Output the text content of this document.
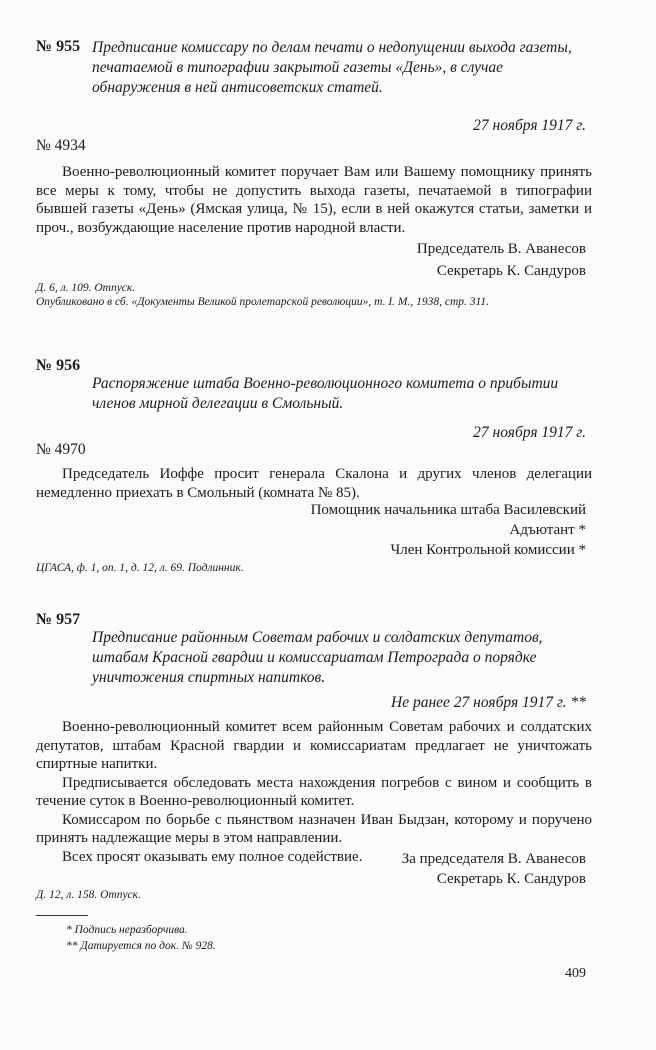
№ 955 Предписание комиссару по делам печати о недопущении выхода газеты, печатаемой в типографии закрытой газеты «День», в случае обнаружения в ней антисоветских статей.
27 ноября 1917 г.
№ 4934

Военно-революционный комитет поручает Вам или Вашему помощнику принять все меры к тому, чтобы не допустить выхода газеты, печатаемой в типографии бывшей газеты «День» (Ямская улица, № 15), если в ней окажутся статьи, заметки и проч., возбуждающие население против народной власти.

Председатель В. Аванесов
Секретарь К. Сандуров
Д. 6, л. 109. Отпуск.
Опубликовано в сб. «Документы Великой пролетарской революции», т. I. М., 1938, стр. 311.
№ 956
Распоряжение штаба Военно-революционного комитета о прибытии членов мирной делегации в Смольный.
27 ноября 1917 г.
№ 4970

Председатель Иоффе просит генерала Скалона и других членов делегации немедленно приехать в Смольный (комната № 85).

Помощник начальника штаба Василевский
Адъютант *
Член Контрольной комиссии *
ЦГАСА, ф. 1, оп. 1, д. 12, л. 69. Подлинник.
№ 957
Предписание районным Советам рабочих и солдатских депутатов, штабам Красной гвардии и комиссариатам Петрограда о порядке уничтожения спиртных напитков.
Не ранее 27 ноября 1917 г. **

Военно-революционный комитет всем районным Советам рабочих и солдатских депутатов, штабам Красной гвардии и комиссариатам предлагает не уничтожать спиртные напитки.

Предписывается обследовать места нахождения погребов с вином и сообщить в течение суток в Военно-революционный комитет.

Комиссаром по борьбе с пьянством назначен Иван Быдзан, которому и поручено принять надлежащие меры в этом направлении.

Всех просят оказывать ему полное содействие.	За председателя В. Аванесов
Секретарь К. Сандуров
Д. 12, л. 158. Отпуск.
* Подпись неразборчива.
** Датируется по док. № 928.
409
